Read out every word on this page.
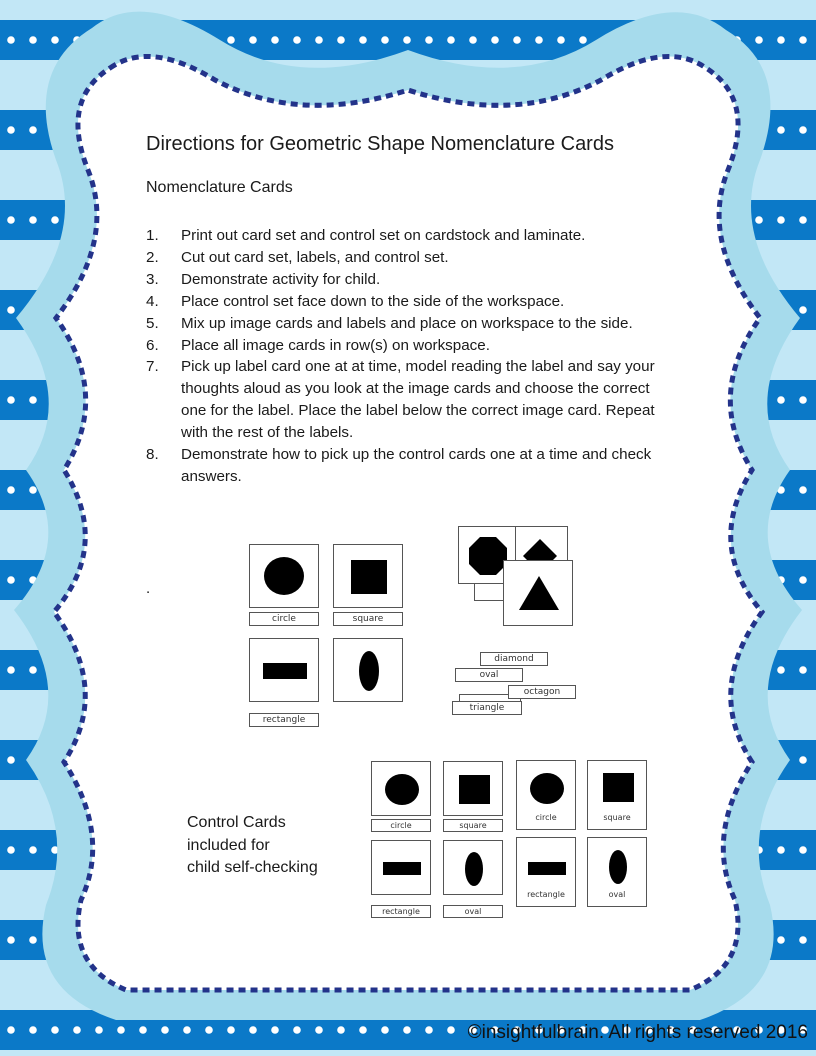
Directions for Geometric Shape Nomenclature Cards
Nomenclature Cards
1. Print out card set and control set on cardstock and laminate.
2. Cut out card set, labels, and control set.
3. Demonstrate activity for child.
4. Place control set face down to the side of the workspace.
5. Mix up image cards and labels and place on workspace to the side.
6. Place all image cards in row(s) on workspace.
7. Pick up label card one at at time, model reading the label and say your thoughts aloud as you look at the image cards and choose the correct one for the label. Place the label below the correct image card. Repeat with the rest of the labels.
8. Demonstrate how to pick up the control cards one at a time and check answers.
.
circle	square
rectangle
diamond
oval
octagon
triangle
Control Cards
included for
child self-checking
circle	square
rectangle	oval
circle	square
rectangle	oval
©insightfulbrain. All rights reserved 2016
